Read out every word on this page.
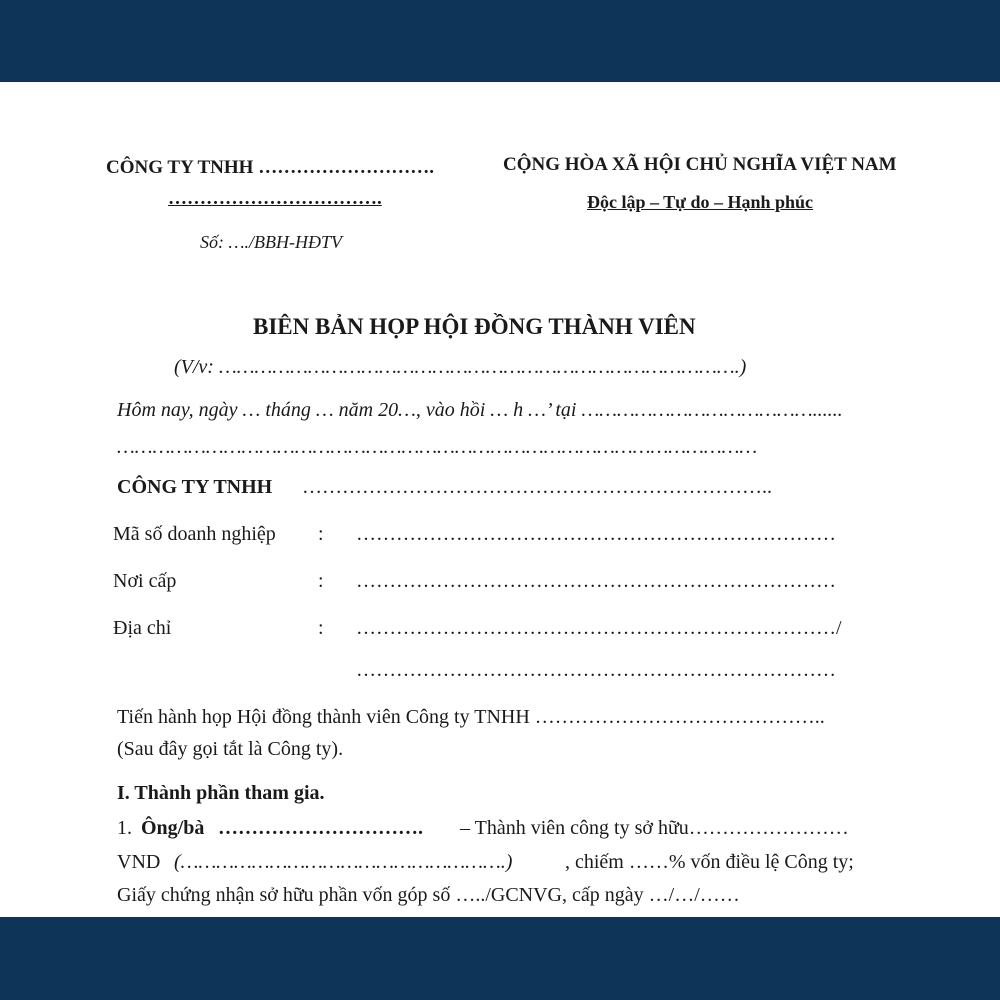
CÔNG TY TNHH ……………………….
…………………………….
Số: …./BBH-HĐTV
CỘNG HÒA XÃ HỘI CHỦ NGHĨA VIỆT NAM
Độc lập – Tự do – Hạnh phúc
BIÊN BẢN HỌP HỘI ĐỒNG THÀNH VIÊN
(V/v: …………………………………………………………………………….)
Hôm nay, ngày … tháng … năm 20…, vào hồi … h …’ tại …………………………………......
………………………………………………………………………………………………
CÔNG TY TNHH ……………………………………………………………..
Mã số doanh nghiệp : ………………………………………………………………
Nơi cấp	: ………………………………………………………………
Địa chỉ	: ………………………………………………………………/
………………………………………………………………
Tiến hành họp Hội đồng thành viên Công ty TNHH ……………………………………..
(Sau đây gọi tắt là Công ty).
I. Thành phần tham gia.
1. Ông/bà …………………………. – Thành viên công ty sở hữu……………………
VND (……………………………………………….)	, chiếm ……% vốn điều lệ Công ty;
Giấy chứng nhận sở hữu phần vốn góp số …../GCNVG, cấp ngày …/…/……
